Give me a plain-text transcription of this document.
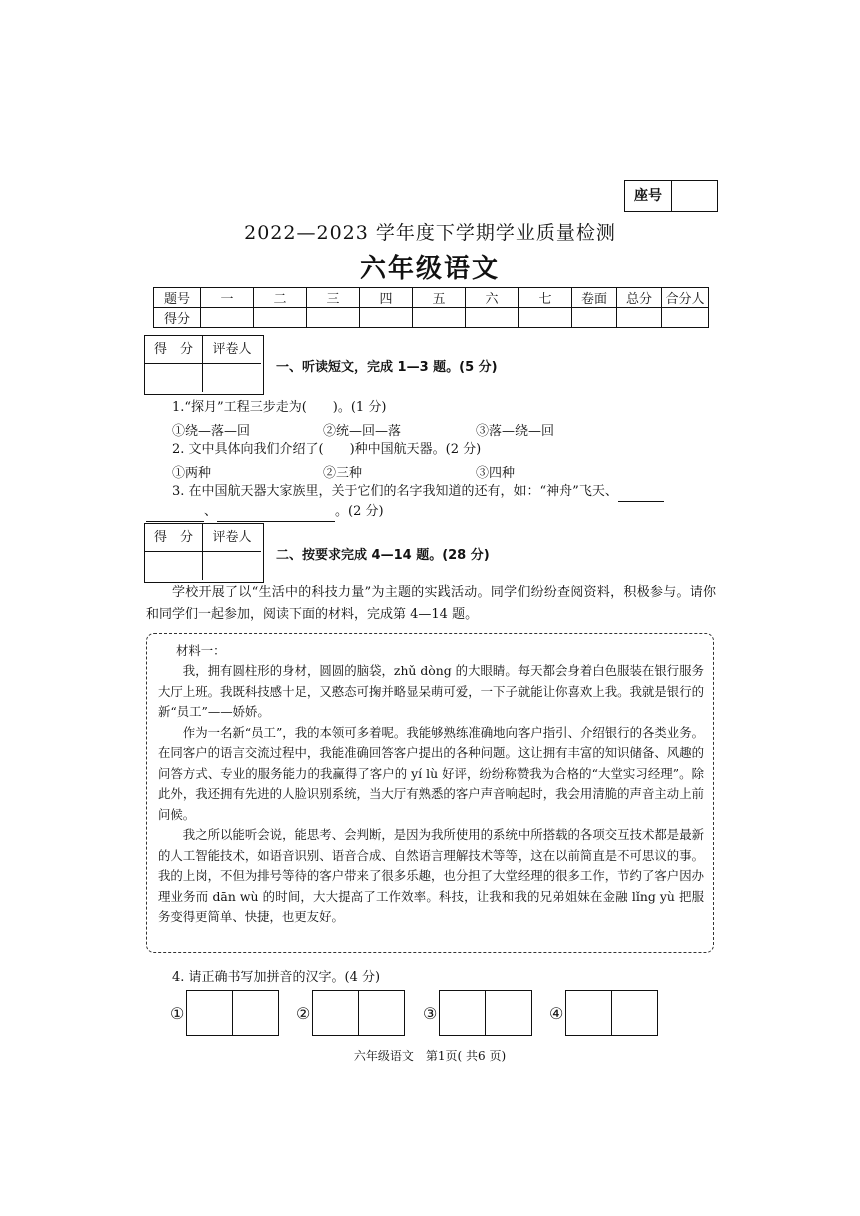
座号
2022—2023 学年度下学期学业质量检测
六年级语文
题号	一	二	三	四	五	六	七	卷面	总分	合分人
得分										
得　分	评卷人
一、听读短文，完成 1—3 题。(5 分)
1.“探月”工程三步走为(　　)。(1 分)
①绕—落—回	②统—回—落	③落—绕—回
2. 文中具体向我们介绍了(　　)种中国航天器。(2 分)
①两种	②三种	③四种
3. 在中国航天器大家族里，关于它们的名字我知道的还有，如：“神舟”飞天、
、	。(2 分)
得　分	评卷人
二、按要求完成 4—14 题。(28 分)
学校开展了以“生活中的科技力量”为主题的实践活动。同学们纷纷查阅资料，积极参与。请你和同学们一起参加，阅读下面的材料，完成第 4—14 题。
材料一：

我，拥有圆柱形的身材，圆圆的脑袋，zhǔ dòng 的大眼睛。每天都会身着白色服装在银行服务大厅上班。我既科技感十足，又憨态可掬并略显呆萌可爱，一下子就能让你喜欢上我。我就是银行的新“员工”——娇娇。

作为一名新“员工”，我的本领可多着呢。我能够熟练准确地向客户指引、介绍银行的各类业务。在同客户的语言交流过程中，我能准确回答客户提出的各种问题。这让拥有丰富的知识储备、风趣的问答方式、专业的服务能力的我赢得了客户的 yí lù 好评，纷纷称赞我为合格的“大堂实习经理”。除此外，我还拥有先进的人脸识别系统，当大厅有熟悉的客户声音响起时，我会用清脆的声音主动上前问候。

我之所以能听会说，能思考、会判断，是因为我所使用的系统中所搭载的各项交互技术都是最新的人工智能技术，如语音识别、语音合成、自然语言理解技术等等，这在以前简直是不可思议的事。我的上岗，不但为排号等待的客户带来了很多乐趣，也分担了大堂经理的很多工作，节约了客户因办理业务而 dān wù 的时间，大大提高了工作效率。科技，让我和我的兄弟姐妹在金融 lǐng yù 把服务变得更简单、快捷，也更友好。

4. 请正确书写加拼音的汉字。(4 分)
①	②	③	④
六年级语文　第1页( 共6 页)
